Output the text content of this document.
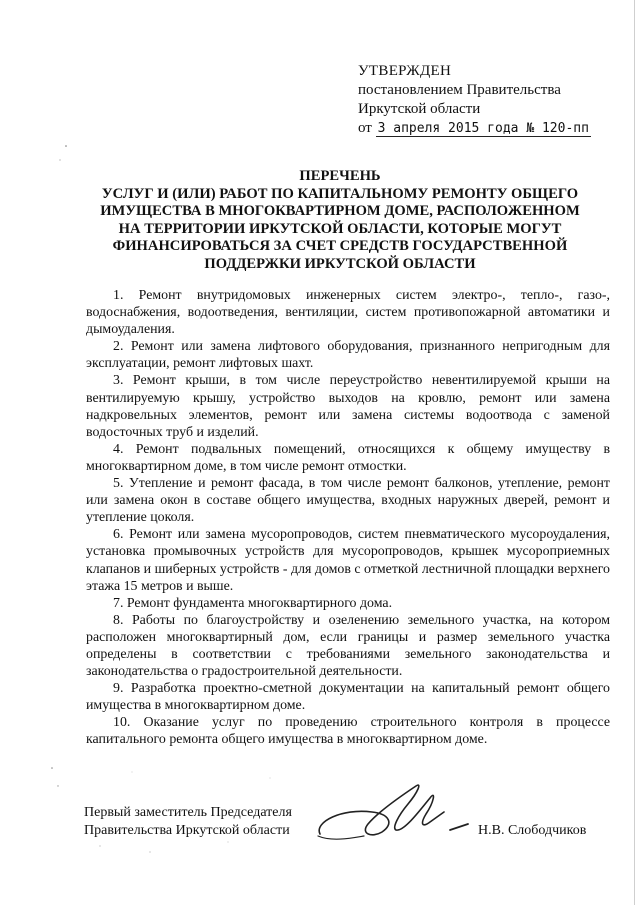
УТВЕРЖДЕН
постановлением Правительства
Иркутской области
от 3 апреля 2015 года № 120-пп
ПЕРЕЧЕНЬ
УСЛУГ И (ИЛИ) РАБОТ ПО КАПИТАЛЬНОМУ РЕМОНТУ ОБЩЕГО
ИМУЩЕСТВА В МНОГОКВАРТИРНОМ ДОМЕ, РАСПОЛОЖЕННОМ
НА ТЕРРИТОРИИ ИРКУТСКОЙ ОБЛАСТИ, КОТОРЫЕ МОГУТ
ФИНАНСИРОВАТЬСЯ ЗА СЧЕТ СРЕДСТВ ГОСУДАРСТВЕННОЙ
ПОДДЕРЖКИ ИРКУТСКОЙ ОБЛАСТИ

1. Ремонт внутридомовых инженерных систем электро-, тепло-, газо-, водоснабжения, водоотведения, вентиляции, систем противопожарной автоматики и дымоудаления.

2. Ремонт или замена лифтового оборудования, признанного непригодным для эксплуатации, ремонт лифтовых шахт.

3. Ремонт крыши, в том числе переустройство невентилируемой крыши на вентилируемую крышу, устройство выходов на кровлю, ремонт или замена надкровельных элементов, ремонт или замена системы водоотвода с заменой водосточных труб и изделий.

4. Ремонт подвальных помещений, относящихся к общему имуществу в многоквартирном доме, в том числе ремонт отмостки.

5. Утепление и ремонт фасада, в том числе ремонт балконов, утепление, ремонт или замена окон в составе общего имущества, входных наружных дверей, ремонт и утепление цоколя.

6. Ремонт или замена мусоропроводов, систем пневматического мусороудаления, установка промывочных устройств для мусоропроводов, крышек мусороприемных клапанов и шиберных устройств - для домов с отметкой лестничной площадки верхнего этажа 15 метров и выше.

7. Ремонт фундамента многоквартирного дома.

8. Работы по благоустройству и озеленению земельного участка, на котором расположен многоквартирный дом, если границы и размер земельного участка определены в соответствии с требованиями земельного законодательства и законодательства о градостроительной деятельности.

9. Разработка проектно-сметной документации на капитальный ремонт общего имущества в многоквартирном доме.

10. Оказание услуг по проведению строительного контроля в процессе капитального ремонта общего имущества в многоквартирном доме.

Первый заместитель Председателя
Правительства Иркутской области	Н.В. Слободчиков
